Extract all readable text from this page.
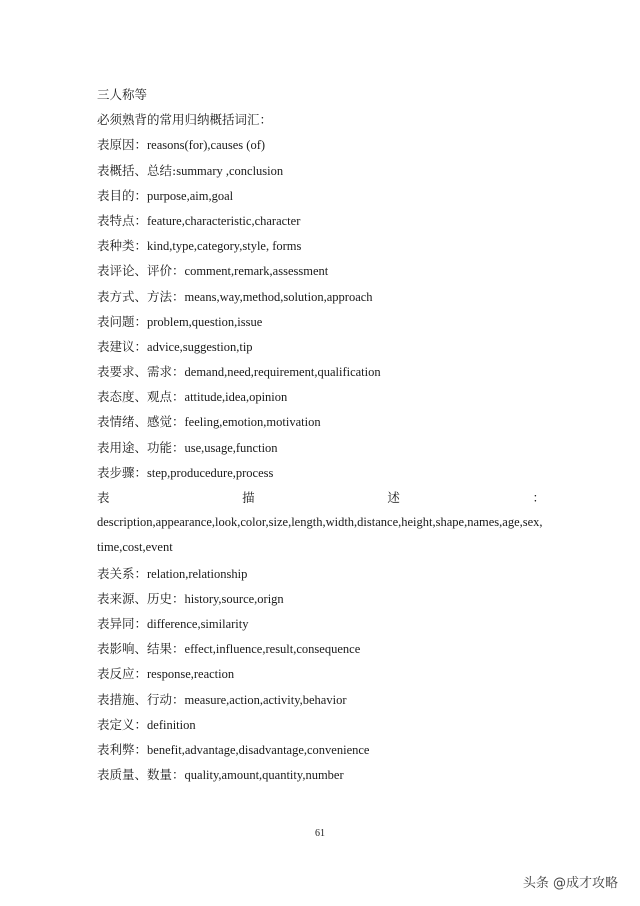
三人称等
必须熟背的常用归纳概括词汇：
表原因：reasons(for),causes (of)
表概括、总结:summary ,conclusion
表目的：purpose,aim,goal
表特点：feature,characteristic,character
表种类：kind,type,category,style, forms
表评论、评价：comment,remark,assessment
表方式、方法：means,way,method,solution,approach
表问题：problem,question,issue
表建议：advice,suggestion,tip
表要求、需求：demand,need,requirement,qualification
表态度、观点：attitude,idea,opinion
表情绪、感觉：feeling,emotion,motivation
表用途、功能：use,usage,function
表步骤：step,producedure,process
表	描	述	：
description,appearance,look,color,size,length,width,distance,height,shape,names,age,sex,time,cost,event
表关系：relation,relationship
表来源、历史：history,source,orign
表异同：difference,similarity
表影响、结果：effect,influence,result,consequence
表反应：response,reaction
表措施、行动：measure,action,activity,behavior
表定义：definition
表利弊：benefit,advantage,disadvantage,convenience
表质量、数量：quality,amount,quantity,number
61
头条 @成才攻略
